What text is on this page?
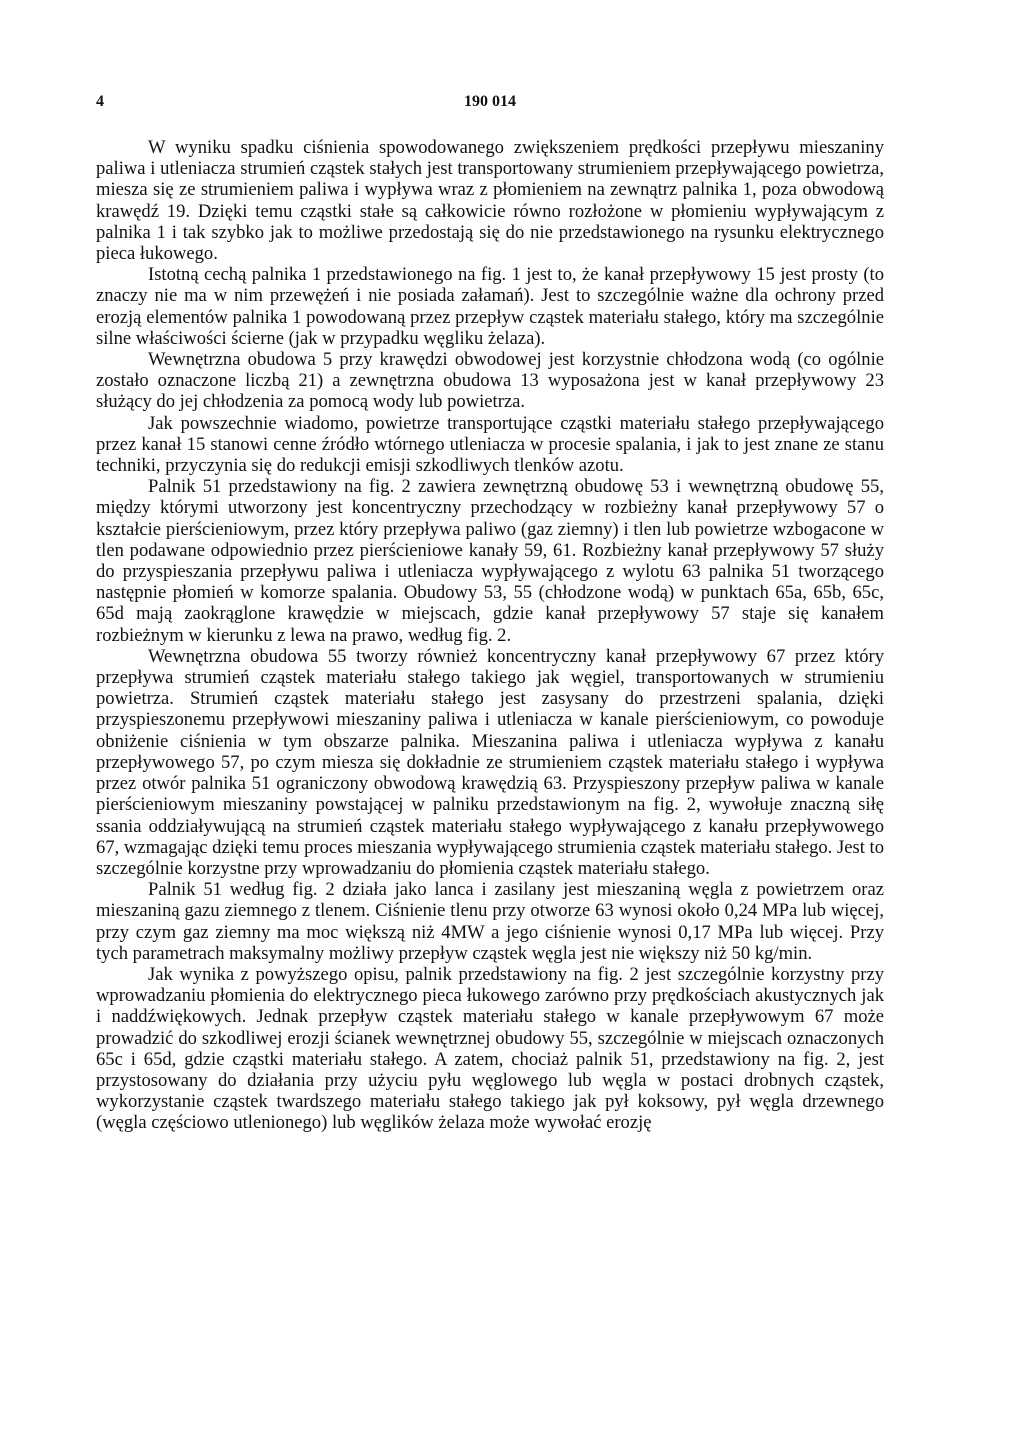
4	190 014

W wyniku spadku ciśnienia spowodowanego zwiększeniem prędkości przepływu mieszaniny paliwa i utleniacza strumień cząstek stałych jest transportowany strumieniem przepływającego powietrza, miesza się ze strumieniem paliwa i wypływa wraz z płomieniem na zewnątrz palnika 1, poza obwodową krawędź 19. Dzięki temu cząstki stałe są całkowicie równo rozłożone w płomieniu wypływającym z palnika 1 i tak szybko jak to możliwe przedostają się do nie przedstawionego na rysunku elektrycznego pieca łukowego.

Istotną cechą palnika 1 przedstawionego na fig. 1 jest to, że kanał przepływowy 15 jest prosty (to znaczy nie ma w nim przewężeń i nie posiada załamań). Jest to szczególnie ważne dla ochrony przed erozją elementów palnika 1 powodowaną przez przepływ cząstek materiału stałego, który ma szczególnie silne właściwości ścierne (jak w przypadku węgliku żelaza).

Wewnętrzna obudowa 5 przy krawędzi obwodowej jest korzystnie chłodzona wodą (co ogólnie zostało oznaczone liczbą 21) a zewnętrzna obudowa 13 wyposażona jest w kanał przepływowy 23 służący do jej chłodzenia za pomocą wody lub powietrza.

Jak powszechnie wiadomo, powietrze transportujące cząstki materiału stałego przepływającego przez kanał 15 stanowi cenne źródło wtórnego utleniacza w procesie spalania, i jak to jest znane ze stanu techniki, przyczynia się do redukcji emisji szkodliwych tlenków azotu.

Palnik 51 przedstawiony na fig. 2 zawiera zewnętrzną obudowę 53 i wewnętrzną obudowę 55, między którymi utworzony jest koncentryczny przechodzący w rozbieżny kanał przepływowy 57 o kształcie pierścieniowym, przez który przepływa paliwo (gaz ziemny) i tlen lub powietrze wzbogacone w tlen podawane odpowiednio przez pierścieniowe kanały 59, 61. Rozbieżny kanał przepływowy 57 służy do przyspieszania przepływu paliwa i utleniacza wypływającego z wylotu 63 palnika 51 tworzącego następnie płomień w komorze spalania. Obudowy 53, 55 (chłodzone wodą) w punktach 65a, 65b, 65c, 65d mają zaokrąglone krawędzie w miejscach, gdzie kanał przepływowy 57 staje się kanałem rozbieżnym w kierunku z lewa na prawo, według fig. 2.

Wewnętrzna obudowa 55 tworzy również koncentryczny kanał przepływowy 67 przez który przepływa strumień cząstek materiału stałego takiego jak węgiel, transportowanych w strumieniu powietrza. Strumień cząstek materiału stałego jest zasysany do przestrzeni spalania, dzięki przyspieszonemu przepływowi mieszaniny paliwa i utleniacza w kanale pierścieniowym, co powoduje obniżenie ciśnienia w tym obszarze palnika. Mieszanina paliwa i utleniacza wypływa z kanału przepływowego 57, po czym miesza się dokładnie ze strumieniem cząstek materiału stałego i wypływa przez otwór palnika 51 ograniczony obwodową krawędzią 63. Przyspieszony przepływ paliwa w kanale pierścieniowym mieszaniny powstającej w palniku przedstawionym na fig. 2, wywołuje znaczną siłę ssania oddziaływującą na strumień cząstek materiału stałego wypływającego z kanału przepływowego 67, wzmagając dzięki temu proces mieszania wypływającego strumienia cząstek materiału stałego. Jest to szczególnie korzystne przy wprowadzaniu do płomienia cząstek materiału stałego.

Palnik 51 według fig. 2 działa jako lanca i zasilany jest mieszaniną węgla z powietrzem oraz mieszaniną gazu ziemnego z tlenem. Ciśnienie tlenu przy otworze 63 wynosi około 0,24 MPa lub więcej, przy czym gaz ziemny ma moc większą niż 4MW a jego ciśnienie wynosi 0,17 MPa lub więcej. Przy tych parametrach maksymalny możliwy przepływ cząstek węgla jest nie większy niż 50 kg/min.

Jak wynika z powyższego opisu, palnik przedstawiony na fig. 2 jest szczególnie korzystny przy wprowadzaniu płomienia do elektrycznego pieca łukowego zarówno przy prędkościach akustycznych jak i naddźwiękowych. Jednak przepływ cząstek materiału stałego w kanale przepływowym 67 może prowadzić do szkodliwej erozji ścianek wewnętrznej obudowy 55, szczególnie w miejscach oznaczonych 65c i 65d, gdzie cząstki materiału stałego. A zatem, chociaż palnik 51, przedstawiony na fig. 2, jest przystosowany do działania przy użyciu pyłu węglowego lub węgla w postaci drobnych cząstek, wykorzystanie cząstek twardszego materiału stałego takiego jak pył koksowy, pył węgla drzewnego (węgla częściowo utlenionego) lub węglików żelaza może wywołać erozję
